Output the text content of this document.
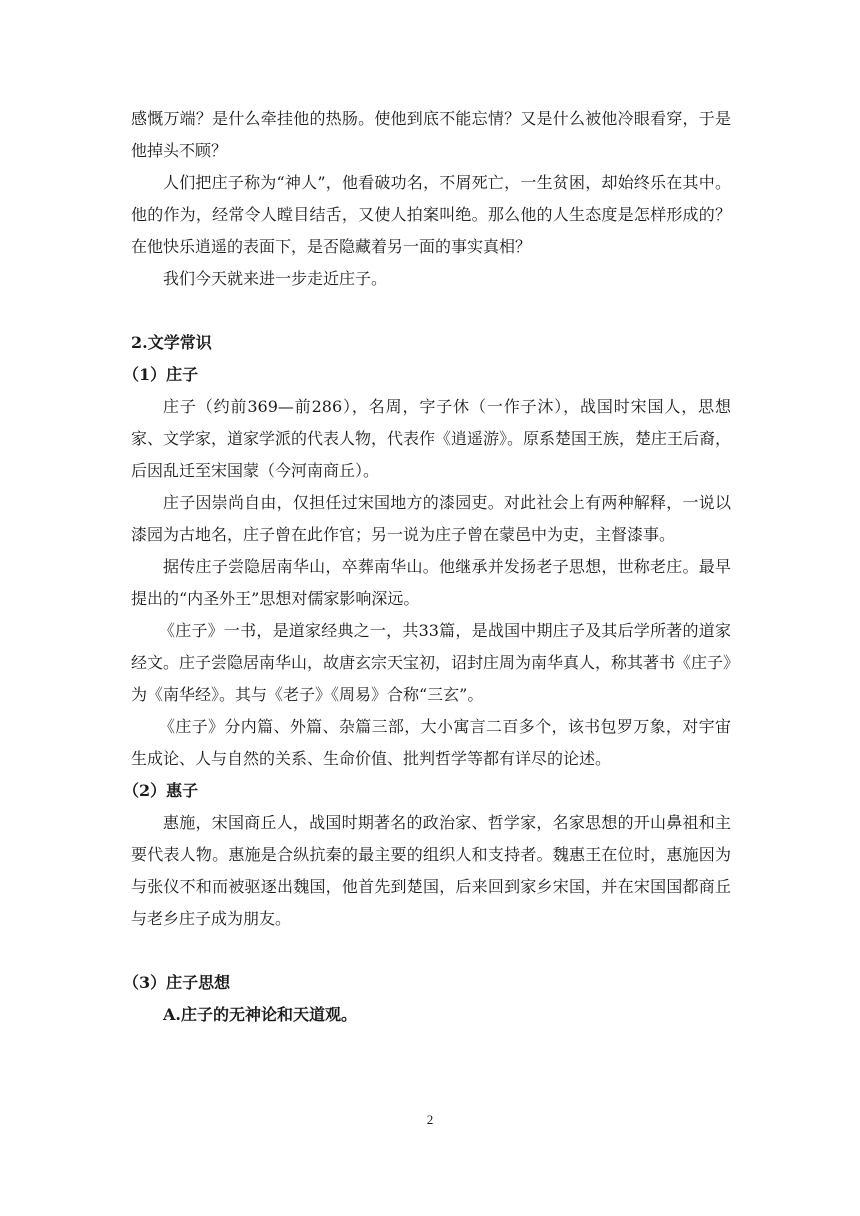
感慨万端？是什么牵挂他的热肠。使他到底不能忘情？又是什么被他冷眼看穿，于是他掉头不顾？

人们把庄子称为“神人”，他看破功名，不屑死亡，一生贫困，却始终乐在其中。他的作为，经常令人瞠目结舌，又使人拍案叫绝。那么他的人生态度是怎样形成的？在他快乐逍遥的表面下，是否隐藏着另一面的事实真相？

我们今天就来进一步走近庄子。

2.文学常识

（1）庄子

庄子（约前369—前286），名周，字子休（一作子沐），战国时宋国人，思想家、文学家，道家学派的代表人物，代表作《逍遥游》。原系楚国王族，楚庄王后裔，后因乱迁至宋国蒙（今河南商丘）。

庄子因崇尚自由，仅担任过宋国地方的漆园吏。对此社会上有两种解释，一说以漆园为古地名，庄子曾在此作官；另一说为庄子曾在蒙邑中为吏，主督漆事。

据传庄子尝隐居南华山，卒葬南华山。他继承并发扬老子思想，世称老庄。最早提出的“内圣外王”思想对儒家影响深远。

《庄子》一书，是道家经典之一，共33篇，是战国中期庄子及其后学所著的道家经文。庄子尝隐居南华山，故唐玄宗天宝初，诏封庄周为南华真人，称其著书《庄子》为《南华经》。其与《老子》《周易》合称“三玄”。

《庄子》分内篇、外篇、杂篇三部，大小寓言二百多个，该书包罗万象，对宇宙生成论、人与自然的关系、生命价值、批判哲学等都有详尽的论述。

（2）惠子

惠施，宋国商丘人，战国时期著名的政治家、哲学家，名家思想的开山鼻祖和主要代表人物。惠施是合纵抗秦的最主要的组织人和支持者。魏惠王在位时，惠施因为与张仪不和而被驱逐出魏国，他首先到楚国，后来回到家乡宋国，并在宋国国都商丘与老乡庄子成为朋友。

（3）庄子思想

A.庄子的无神论和天道观。

2
